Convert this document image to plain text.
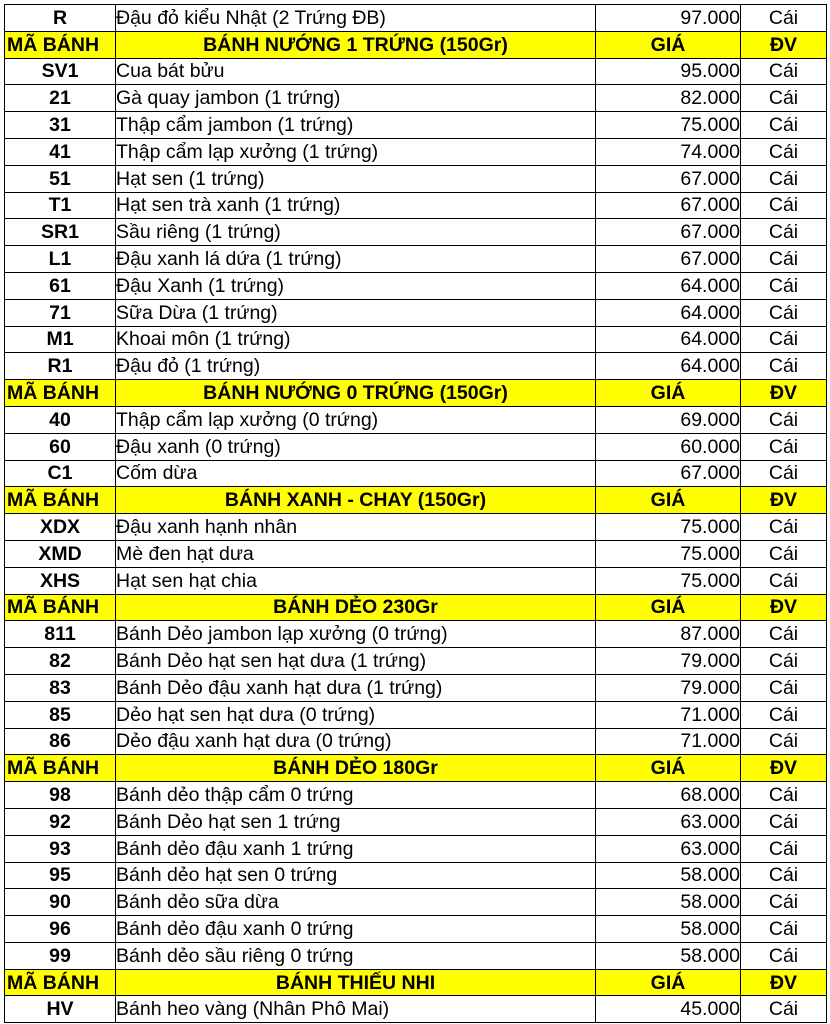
R	Đậu đỏ kiểu Nhật (2 Trứng ĐB)	97.000	Cái
MÃ BÁNH	BÁNH NƯỚNG 1 TRỨNG (150Gr)	GIÁ	ĐV
SV1	Cua bát bửu	95.000	Cái
21	Gà quay jambon (1 trứng)	82.000	Cái
31	Thập cẩm jambon (1 trứng)	75.000	Cái
41	Thập cẩm lạp xưởng (1 trứng)	74.000	Cái
51	Hạt sen (1 trứng)	67.000	Cái
T1	Hạt sen trà xanh (1 trứng)	67.000	Cái
SR1	Sầu riêng (1 trứng)	67.000	Cái
L1	Đậu xanh lá dứa (1 trứng)	67.000	Cái
61	Đậu Xanh (1 trứng)	64.000	Cái
71	Sữa Dừa (1 trứng)	64.000	Cái
M1	Khoai môn (1 trứng)	64.000	Cái
R1	Đậu đỏ (1 trứng)	64.000	Cái
MÃ BÁNH	BÁNH NƯỚNG 0 TRỨNG (150Gr)	GIÁ	ĐV
40	Thập cẩm lạp xưởng (0 trứng)	69.000	Cái
60	Đậu xanh (0 trứng)	60.000	Cái
C1	Cốm dừa	67.000	Cái
MÃ BÁNH	BÁNH XANH - CHAY (150Gr)	GIÁ	ĐV
XDX	Đậu xanh hạnh nhân	75.000	Cái
XMD	Mè đen hạt dưa	75.000	Cái
XHS	Hạt sen hạt chia	75.000	Cái
MÃ BÁNH	BÁNH DẺO 230Gr	GIÁ	ĐV
811	Bánh Dẻo jambon lạp xưởng (0 trứng)	87.000	Cái
82	Bánh Dẻo hạt sen hạt dưa (1 trứng)	79.000	Cái
83	Bánh Dẻo đậu xanh hạt dưa (1 trứng)	79.000	Cái
85	Dẻo hạt sen hạt dưa (0 trứng)	71.000	Cái
86	Dẻo đậu xanh hạt dưa (0 trứng)	71.000	Cái
MÃ BÁNH	BÁNH DẺO 180Gr	GIÁ	ĐV
98	Bánh dẻo thập cẩm 0 trứng	68.000	Cái
92	Bánh Dẻo hạt sen 1 trứng	63.000	Cái
93	Bánh dẻo đậu xanh 1 trứng	63.000	Cái
95	Bánh dẻo hạt sen 0 trứng	58.000	Cái
90	Bánh dẻo sữa dừa	58.000	Cái
96	Bánh dẻo đậu xanh 0 trứng	58.000	Cái
99	Bánh dẻo sầu riêng 0 trứng	58.000	Cái
MÃ BÁNH	BÁNH THIẾU NHI	GIÁ	ĐV
HV	Bánh heo vàng (Nhân Phô Mai)	45.000	Cái
